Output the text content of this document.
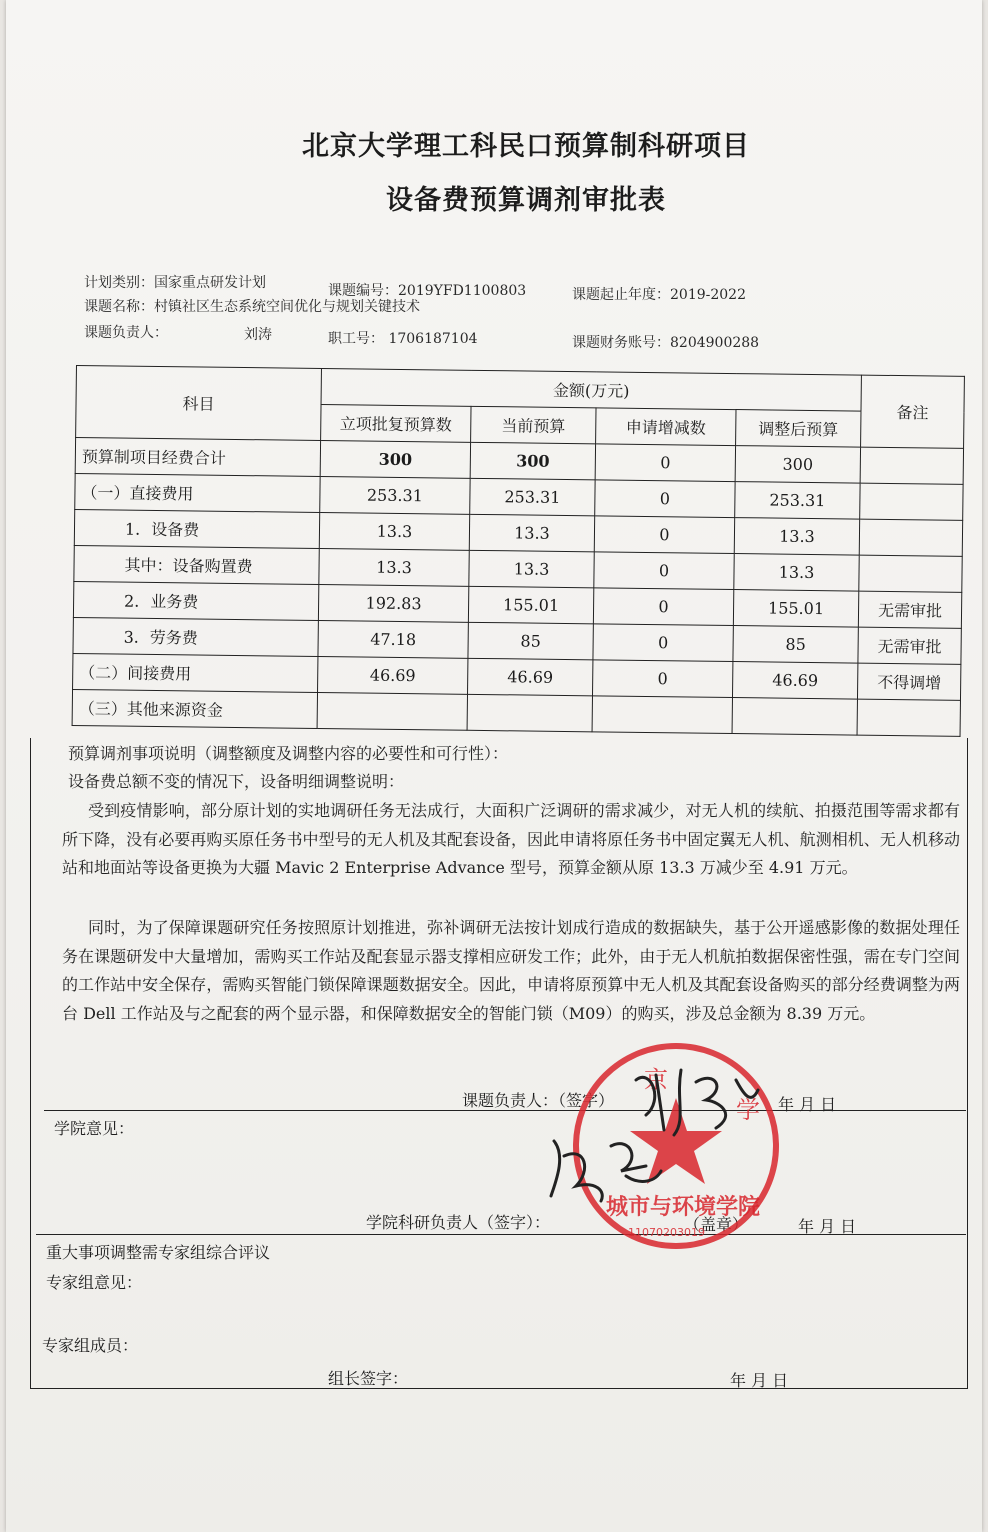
北京大学理工科民口预算制科研项目
设备费预算调剂审批表
计划类别：国家重点研发计划	课题编号：2019YFD1100803	课题起止年度：2019-2022
课题名称：村镇社区生态系统空间优化与规划关键技术
课题负责人：	刘涛	职工号： 1706187104	课题财务账号：8204900288
科目	金额(万元)				备注
	立项批复预算数	当前预算	申请增减数	调整后预算	
预算制项目经费合计	300	300	0	300	
（一）直接费用	253.31	253.31	0	253.31	
1．设备费	13.3	13.3	0	13.3	
其中：设备购置费	13.3	13.3	0	13.3	
2．业务费	192.83	155.01	0	155.01	无需审批
3．劳务费	47.18	85	0	85	无需审批
（二）间接费用	46.69	46.69	0	46.69	不得调增
（三）其他来源资金					
预算调剂事项说明（调整额度及调整内容的必要性和可行性）：
设备费总额不变的情况下，设备明细调整说明：
受到疫情影响，部分原计划的实地调研任务无法成行，大面积广泛调研的需求减少，对无人机的续航、拍摄范围等需求都有所下降，没有必要再购买原任务书中型号的无人机及其配套设备，因此申请将原任务书中固定翼无人机、航测相机、无人机移动站和地面站等设备更换为大疆 Mavic 2 Enterprise Advance 型号，预算金额从原 13.3 万减少至 4.91 万元。
同时，为了保障课题研究任务按照原计划推进，弥补调研无法按计划成行造成的数据缺失，基于公开遥感影像的数据处理任务在课题研发中大量增加，需购买工作站及配套显示器支撑相应研发工作；此外，由于无人机航拍数据保密性强，需在专门空间的工作站中安全保存，需购买智能门锁保障课题数据安全。因此，申请将原预算中无人机及其配套设备购买的部分经费调整为两台 Dell 工作站及与之配套的两个显示器，和保障数据安全的智能门锁（M09）的购买，涉及总金额为 8.39 万元。
课题负责人：（签字）	年 月 日
学院意见：
学院科研负责人（签字）：	（盖章）	年 月 日
重大事项调整需专家组综合评议
专家组意见：
专家组成员：
组长签字：	年 月 日
京
学
城市与环境学院
11070203019
